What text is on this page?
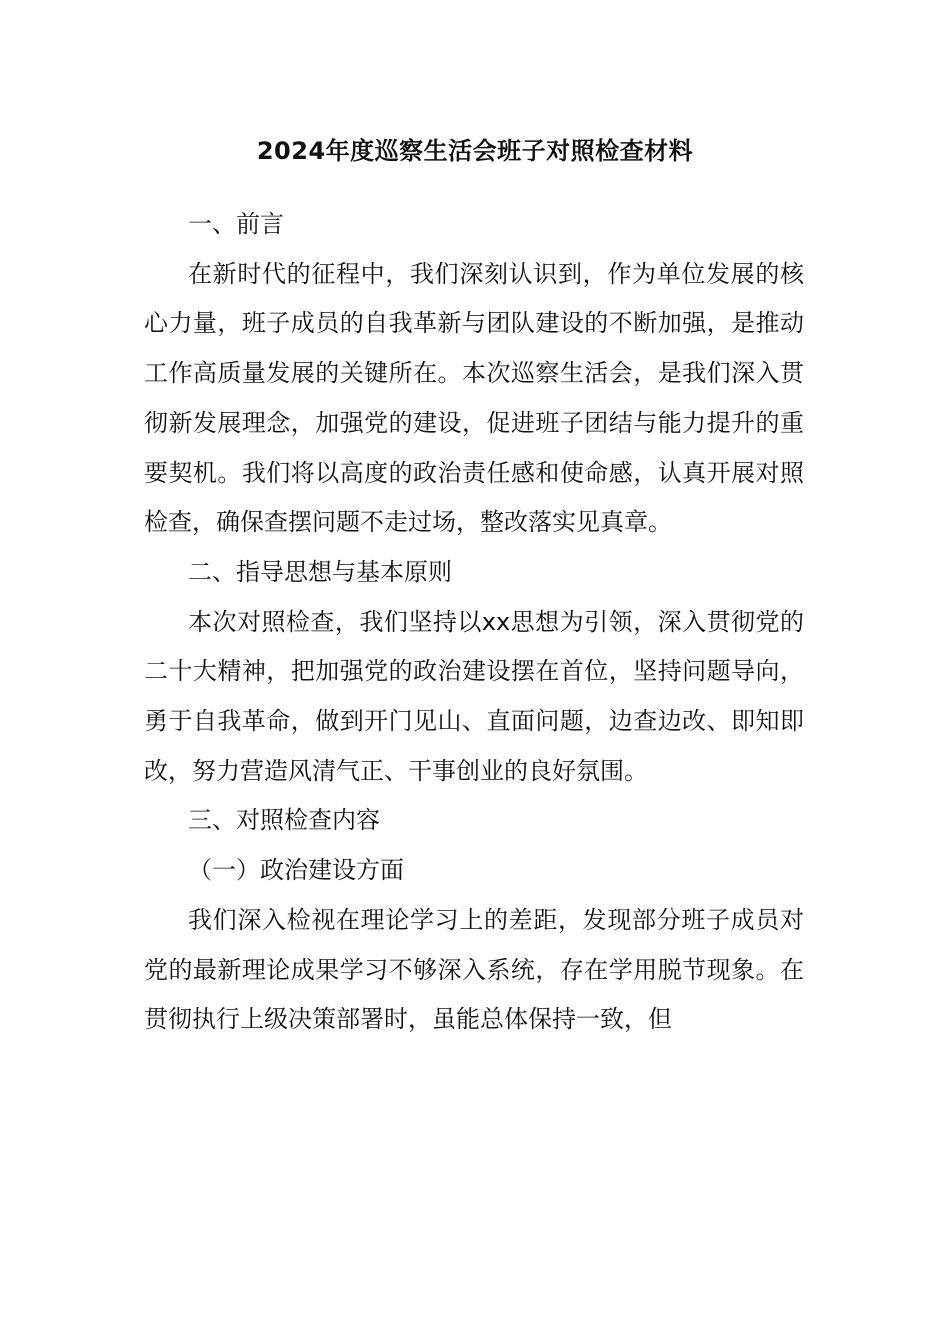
2024年度巡察生活会班子对照检查材料

一、前言

在新时代的征程中，我们深刻认识到，作为单位发展的核心力量，班子成员的自我革新与团队建设的不断加强，是推动工作高质量发展的关键所在。本次巡察生活会，是我们深入贯彻新发展理念，加强党的建设，促进班子团结与能力提升的重要契机。我们将以高度的政治责任感和使命感，认真开展对照检查，确保查摆问题不走过场，整改落实见真章。

二、指导思想与基本原则

本次对照检查，我们坚持以xx思想为引领，深入贯彻党的二十大精神，把加强党的政治建设摆在首位，坚持问题导向，勇于自我革命，做到开门见山、直面问题，边查边改、即知即改，努力营造风清气正、干事创业的良好氛围。

三、对照检查内容

（一）政治建设方面

我们深入检视在理论学习上的差距，发现部分班子成员对党的最新理论成果学习不够深入系统，存在学用脱节现象。在贯彻执行上级决策部署时，虽能总体保持一致，但
